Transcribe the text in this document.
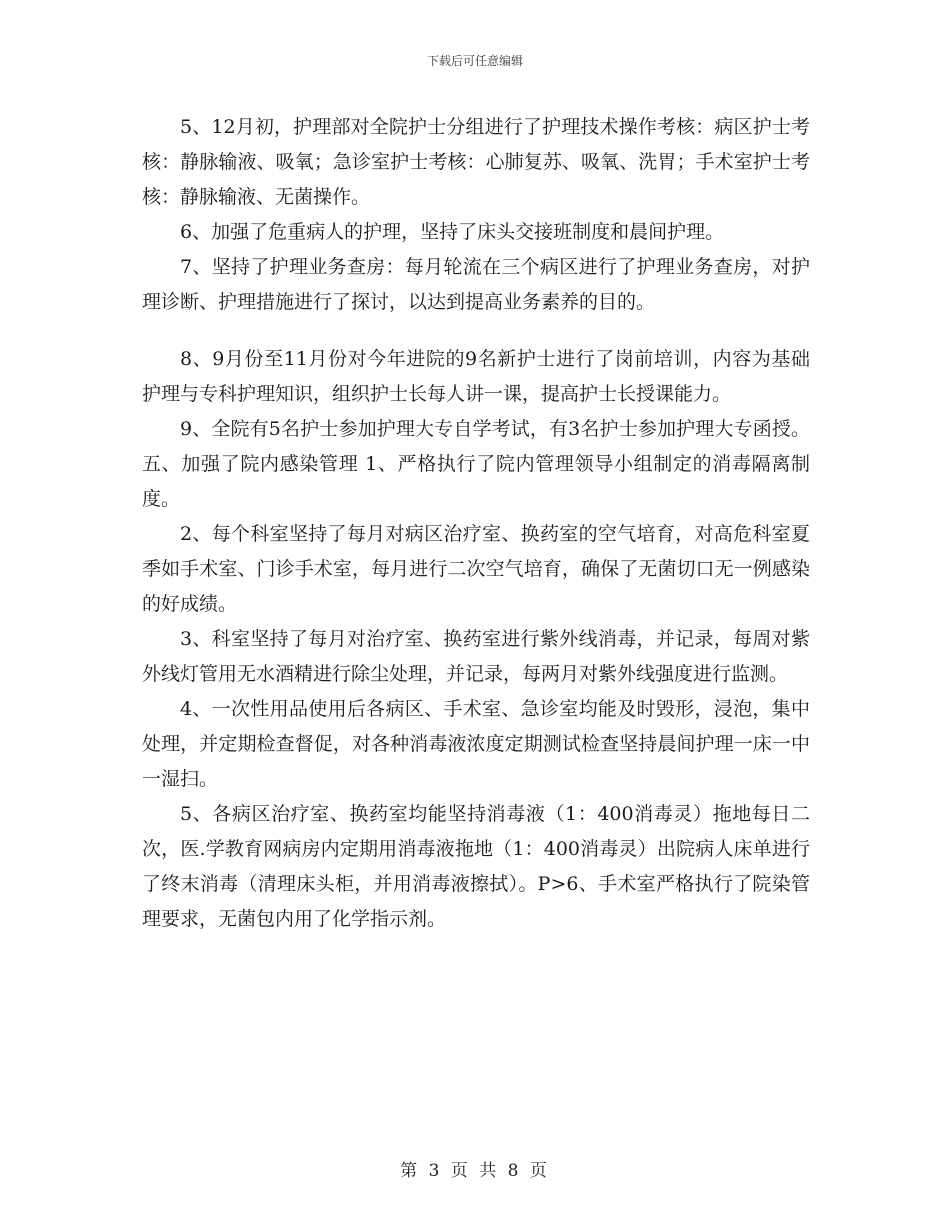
下载后可任意编辑

5、12月初，护理部对全院护士分组进行了护理技术操作考核：病区护士考核：静脉输液、吸氧；急诊室护士考核：心肺复苏、吸氧、洗胃；手术室护士考核：静脉输液、无菌操作。

6、加强了危重病人的护理，坚持了床头交接班制度和晨间护理。

7、坚持了护理业务查房：每月轮流在三个病区进行了护理业务查房，对护理诊断、护理措施进行了探讨，以达到提高业务素养的目的。

8、9月份至11月份对今年进院的9名新护士进行了岗前培训，内容为基础护理与专科护理知识，组织护士长每人讲一课，提高护士长授课能力。

9、全院有5名护士参加护理大专自学考试，有3名护士参加护理大专函授。 五、加强了院内感染管理 1、严格执行了院内管理领导小组制定的消毒隔离制度。

2、每个科室坚持了每月对病区治疗室、换药室的空气培育，对高危科室夏季如手术室、门诊手术室，每月进行二次空气培育，确保了无菌切口无一例感染的好成绩。

3、科室坚持了每月对治疗室、换药室进行紫外线消毒，并记录，每周对紫外线灯管用无水酒精进行除尘处理，并记录，每两月对紫外线强度进行监测。

4、一次性用品使用后各病区、手术室、急诊室均能及时毁形，浸泡，集中处理，并定期检查督促，对各种消毒液浓度定期测试检查坚持晨间护理一床一中一湿扫。

5、各病区治疗室、换药室均能坚持消毒液（1：400消毒灵）拖地每日二次，医.学教育网病房内定期用消毒液拖地（1：400消毒灵）出院病人床单进行了终末消毒（清理床头柜，并用消毒液擦拭）。P>6、手术室严格执行了院染管理要求，无菌包内用了化学指示剂。

第 3 页 共 8 页
